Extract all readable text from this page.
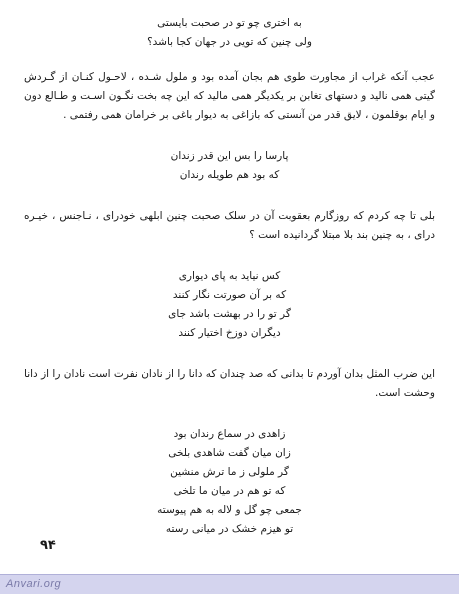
به اختری چو تو در صحبت بایستی
ولی چنین که تویی در جهان کجا باشد؟
عجب آنکه غراب از مجاورت طوی هم بجان آمده بود و ملول شـده ، لاحـول کنـان از گـردش گیتی همی نالید و دستهای تغابن بر یکدیگر همی مالید که این چه بخت نگـون اسـت و طـالع دون و ایام بوقلمون ، لایق قدر من آنستی که بازاغی به دیوار باغی بر خرامان همی رفتمی .
پارسا را بس این قدر زندان
که بود هم طویله رندان
بلی تا چه کردم که روزگارم بعقوبت آن در سلک صحبت چنین ابلهی خودرای ، نـاجنس ، خیـره درای ، به چنین بند بلا مبتلا گردانیده است ؟
کس نیاید به پای دیواری
که بر آن صورتت نگار کنند
گر تو را در بهشت باشد جای
دیگران دوزخ اختیار کنند
این ضرب المثل بدان آوردم تا بدانی که صد چندان که دانا را از نادان نفرت است نادان را از دانا وحشت است.
زاهدی در سماع رندان بود
زان میان گفت شاهدی بلخی
گر ملولی ز ما ترش منشین
که تو هم در میان ما تلخی
جمعی چو گل و لاله به هم پیوسته
تو هیزم خشک در میانی رسته
۹۴
Anvari.org
